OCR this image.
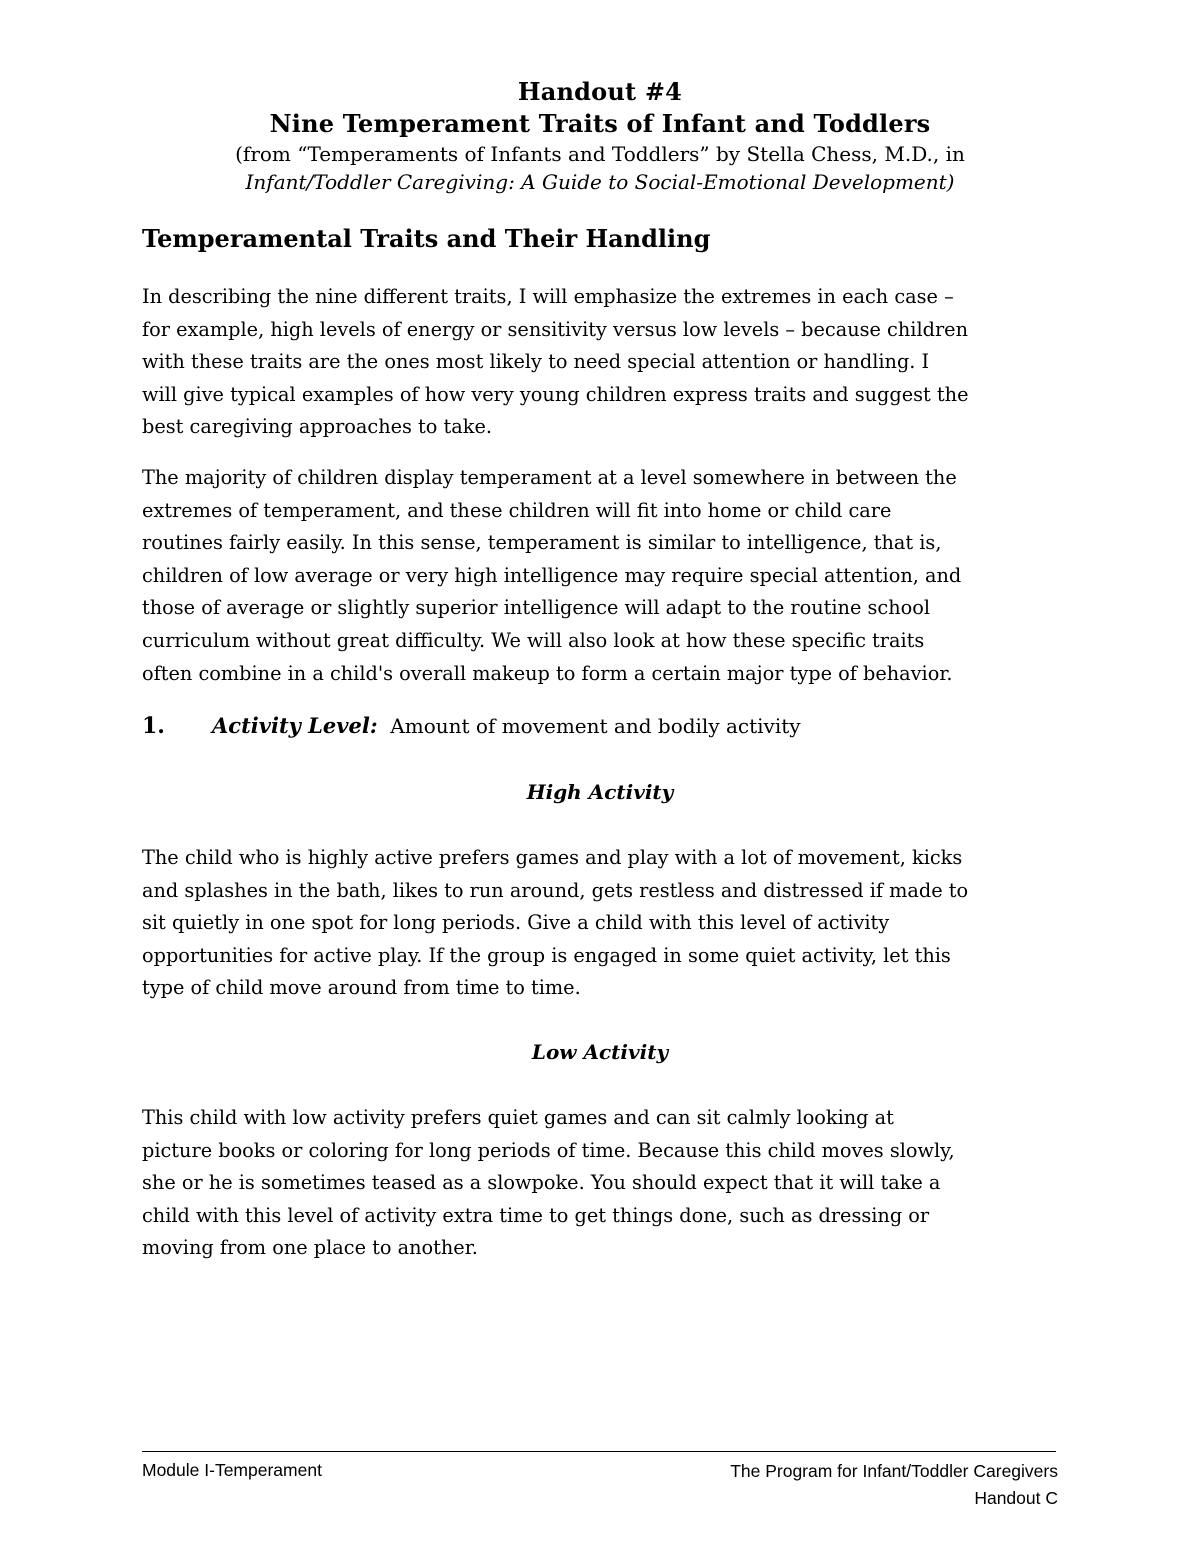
Handout #4
Nine Temperament Traits of Infant and Toddlers
(from “Temperaments of Infants and Toddlers” by Stella Chess, M.D., in
Infant/Toddler Caregiving: A Guide to Social-Emotional Development)
Temperamental Traits and Their Handling

In describing the nine different traits, I will emphasize the extremes in each case –
for example, high levels of energy or sensitivity versus low levels – because children
with these traits are the ones most likely to need special attention or handling. I
will give typical examples of how very young children express traits and suggest the
best caregiving approaches to take.

The majority of children display temperament at a level somewhere in between the
extremes of temperament, and these children will fit into home or child care
routines fairly easily. In this sense, temperament is similar to intelligence, that is,
children of low average or very high intelligence may require special attention, and
those of average or slightly superior intelligence will adapt to the routine school
curriculum without great difficulty. We will also look at how these specific traits
often combine in a child's overall makeup to form a certain major type of behavior.

1. Activity Level: Amount of movement and bodily activity
High Activity

The child who is highly active prefers games and play with a lot of movement, kicks
and splashes in the bath, likes to run around, gets restless and distressed if made to
sit quietly in one spot for long periods. Give a child with this level of activity
opportunities for active play. If the group is engaged in some quiet activity, let this
type of child move around from time to time.

Low Activity

This child with low activity prefers quiet games and can sit calmly looking at
picture books or coloring for long periods of time. Because this child moves slowly,
she or he is sometimes teased as a slowpoke. You should expect that it will take a
child with this level of activity extra time to get things done, such as dressing or
moving from one place to another.

Module I-Temperament	The Program for Infant/Toddler Caregivers
Handout C
